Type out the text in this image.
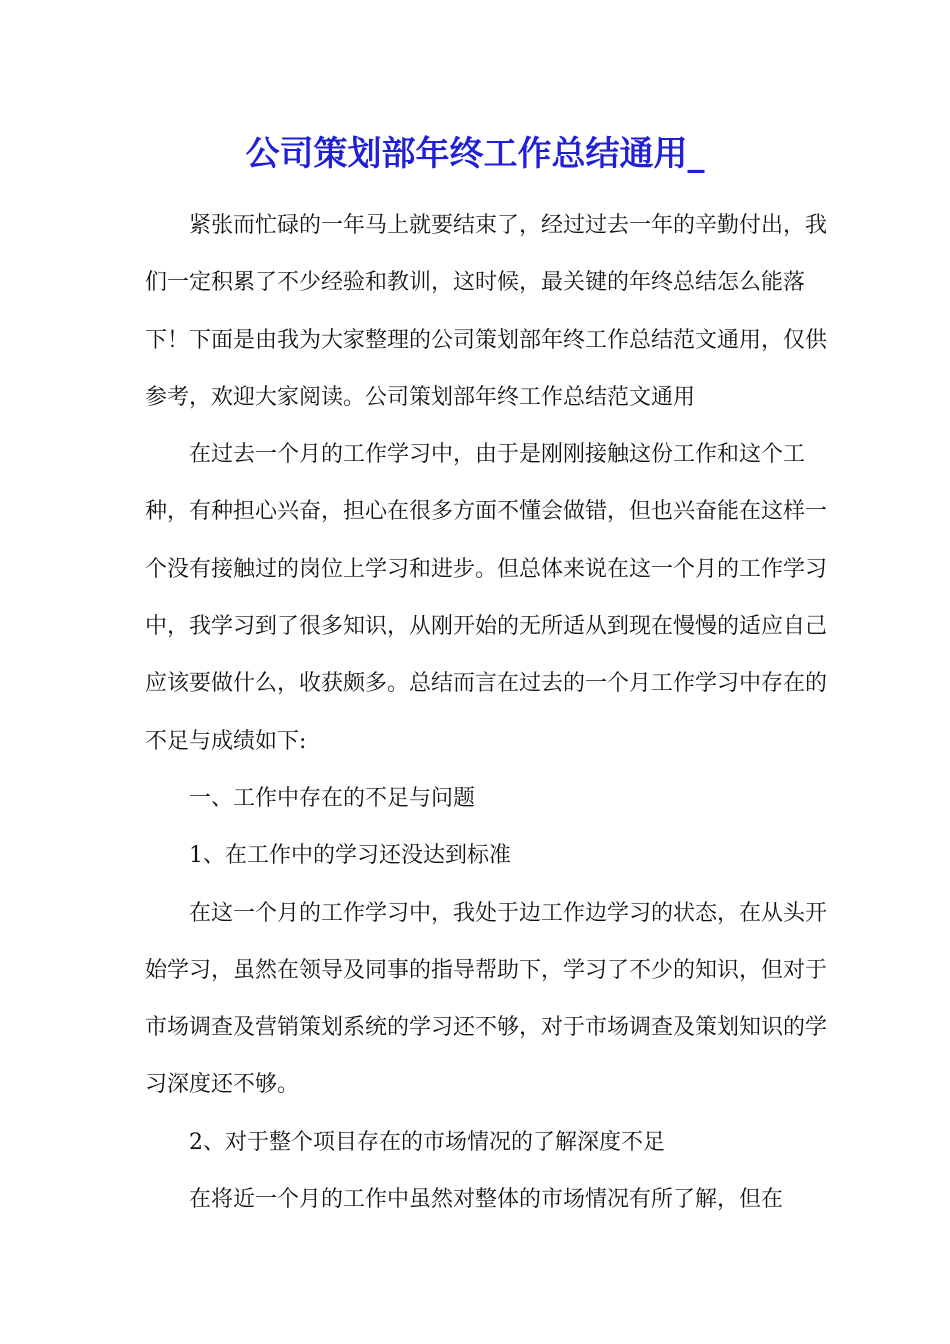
公司策划部年终工作总结通用_

紧张而忙碌的一年马上就要结束了，经过过去一年的辛勤付出，我们一定积累了不少经验和教训，这时候，最关键的年终总结怎么能落下！下面是由我为大家整理的公司策划部年终工作总结范文通用，仅供参考，欢迎大家阅读。公司策划部年终工作总结范文通用

在过去一个月的工作学习中，由于是刚刚接触这份工作和这个工种，有种担心兴奋，担心在很多方面不懂会做错，但也兴奋能在这样一个没有接触过的岗位上学习和进步。但总体来说在这一个月的工作学习中，我学习到了很多知识，从刚开始的无所适从到现在慢慢的适应自己应该要做什么，收获颇多。总结而言在过去的一个月工作学习中存在的不足与成绩如下:

一、工作中存在的不足与问题

1、在工作中的学习还没达到标准

在这一个月的工作学习中，我处于边工作边学习的状态，在从头开始学习，虽然在领导及同事的指导帮助下，学习了不少的知识，但对于市场调查及营销策划系统的学习还不够，对于市场调查及策划知识的学习深度还不够。

2、对于整个项目存在的市场情况的了解深度不足

在将近一个月的工作中虽然对整体的市场情况有所了解，但在
